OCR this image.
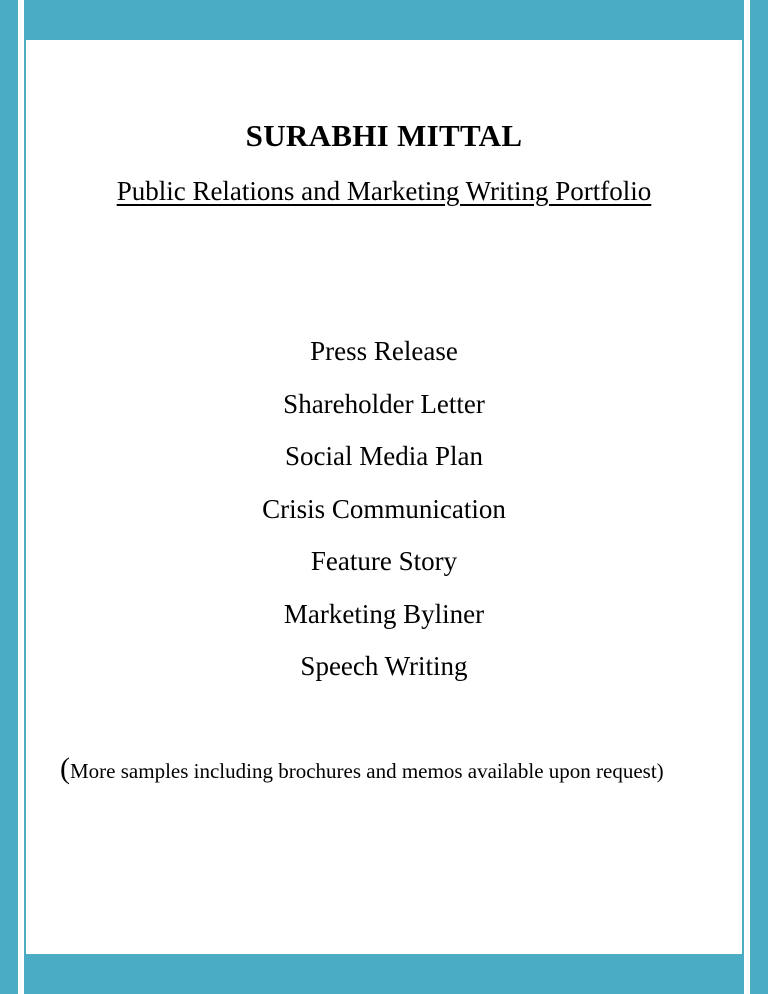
SURABHI MITTAL
Public Relations and Marketing Writing Portfolio
Press Release
Shareholder Letter
Social Media Plan
Crisis Communication
Feature Story
Marketing Byliner
Speech Writing
(More samples including brochures and memos available upon request)
